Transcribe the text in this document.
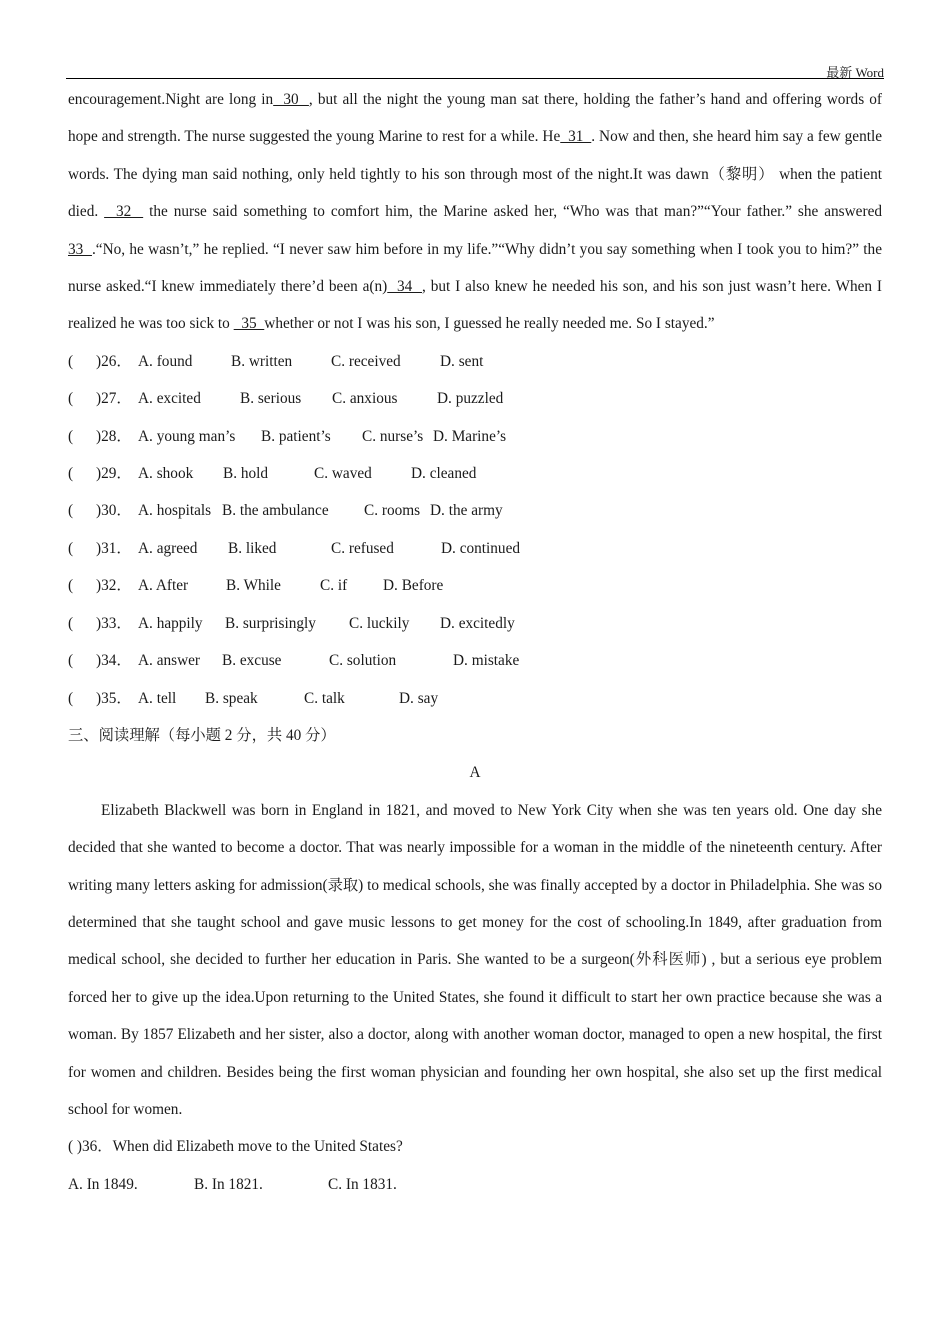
最新 Word

encouragement.Night are long in  30  , but all the night the young man sat there, holding the father’s hand and offering words of hope and strength. The nurse suggested the young Marine to rest for a while. He  31  . Now and then, she heard him say a few gentle words. The dying man said nothing, only held tightly to his son through most of the night.It was dawn（黎明） when the patient died.   32   the nurse said something to comfort him, the Marine asked her, “Who was that man?”“Your father.” she answered 33  .“No, he wasn’t,” he replied. “I never saw him before in my life.”“Why didn’t you say something when I took you to him?” the nurse asked.“I knew immediately there’d been a(n)  34  , but I also knew he needed his son, and his son just wasn’t here. When I realized he was too sick to   35  whether or not I was his son, I guessed he really needed me. So I stayed.”

(      )26． A. found	B. written	C. received	D. sent
(      )27． A. excited	B. serious	C. anxious	D. puzzled
(      )28． A. young man’s	B. patient’s	C. nurse’s D. Marine’s
(      )29． A. shook	B. hold	C. waved	D. cleaned
(      )30． A. hospitals B. the ambulance	C. rooms D. the army
(      )31． A. agreed	B. liked	C. refused	D. continued
(      )32． A. After	B. While	C. if	D. Before
(      )33． A. happily	B. surprisingly	C. luckily	D. excitedly
(      )34． A. answer	B. excuse	C. solution	D. mistake
(      )35． A. tell	B. speak	C. talk	D. say

三、阅读理解（每小题 2 分，共 40 分）

A

Elizabeth Blackwell was born in England in 1821, and moved to New York City when she was ten years old. One day she decided that she wanted to become a doctor. That was nearly impossible for a woman in the middle of the nineteenth century. After writing many letters asking for admission(录取) to medical schools, she was finally accepted by a doctor in Philadelphia. She was so determined that she taught school and gave music lessons to get money for the cost of schooling.In 1849, after graduation from medical school, she decided to further her education in Paris. She wanted to be a surgeon(外科医师) , but a serious eye problem forced her to give up the idea.Upon returning to the United States, she found it difficult to start her own practice because she was a woman. By 1857 Elizabeth and her sister, also a doctor, along with another woman doctor, managed to open a new hospital, the first for women and children. Besides being the first woman physician and founding her own hospital, she also set up the first medical school for women.

( )36．When did Elizabeth move to the United States?

A. In 1849.	B. In 1821.	C. In 1831.
